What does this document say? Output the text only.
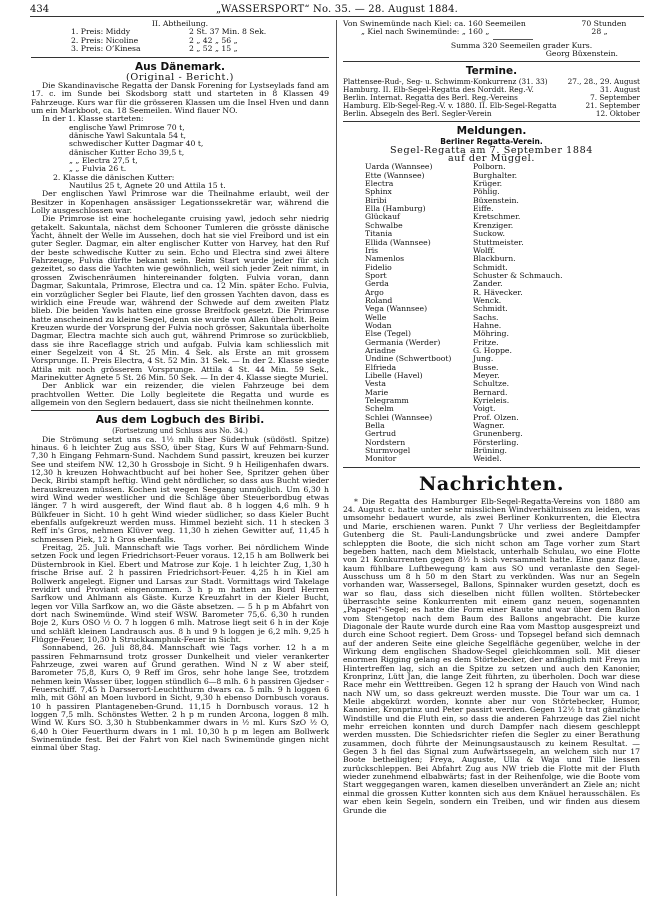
434	„WASSERSPORT“ No. 35. — 28. August 1884.
II. Abtheilung.
1. Preis: Middy	2 St. 37 Min. 8 Sek.
2. Preis: Nicoline	2 „ 42 „ 56 „
3. Preis: O’Kinesa	2 „ 52 „ 15 „
Aus Dänemark.
(Original - Bericht.)

Die Skandinavische Regatta der Dansk Forening for Lystseylads fand am 17. c. im Sunde bei Skodsborg statt und starteten in 8 Klassen 49 Fahrzeuge. Kurs war für die grösseren Klassen um die Insel Hven und dann um ein Markboot, ca. 18 Seemeilen. Wind flauer NO.

In der 1. Klasse starteten:

englische Yawl Primrose 70 t,
dänische Yawl Sakuntala 54 t,
schwedischer Kutter Dagmar 40 t,
dänischer Kutter Echo 39,5 t,
„ „ Electra 27,5 t,
„ „ Fulvia 26 t.
2. Klasse die dänischen Kutter:
Nautilus 25 t, Agnete 20 und Attila 15 t.

Der englischen Yawl Primrose war die Theilnahme erlaubt, weil der Besitzer in Kopenhagen ansässiger Legationssekretär war, während die Lolly ausgeschlossen war.

Die Primrose ist eine hochelegante cruising yawl, jedoch sehr niedrig getakelt. Sakuntala, nächst dem Schooner Tumleren die grösste dänische Yacht, ähnelt der Welle im Aussehen, doch hat sie viel Freibord und ist ein guter Segler. Dagmar, ein alter englischer Kutter von Harvey, hat den Ruf der beste schwedische Kutter zu sein. Echo und Electra sind zwei ältere Fahrzeuge, Fulvia dürfte bekannt sein. Beim Start wurde jeder für sich gezeitet, so dass die Yachten wie gewöhnlich, weil sich jeder Zeit nimmt, in grossen Zwischenräumen hintereinander folgten. Fulvia voran, dann Dagmar, Sakuntala, Primrose, Electra und ca. 12 Min. später Echo. Fulvia, ein vorzüglicher Segler bei Flaute, lief den grossen Yachten davon, dass es wirklich eine Freude war, während der Schwede auf dem zweiten Platz blieb. Die beiden Yawls hatten eine grosse Breitfock gesetzt. Die Primrose hatte anscheinend zu kleine Segel, denn sie wurde von Allen überholt. Beim Kreuzen wurde der Vorsprung der Fulvia noch grösser, Sakuntala überholte Dagmar, Electra machte sich auch gut, während Primrose so zurückblieb, dass sie ihre Raceflagge strich und aufgab. Fulvia kam schliesslich mit einer Segelzeit von 4 St. 25 Min. 4 Sek. als Erste an mit grossem Vorsprunge. II. Preis Electra, 4 St. 52 Min. 31 Sek. — In der 2. Klasse siegte Attila mit noch grösserem Vorsprunge. Attila 4 St. 44 Min. 59 Sek., Marinekutter Agnete 5 St. 26 Min. 50 Sek. — In der 4. Klasse siegte Muriel.

Der Anblick war ein reizender, die vielen Fahrzeuge bei dem prachtvollen Wetter. Die Lolly begleitete die Regatta und wurde es allgemein von den Seglern bedauert, dass sie nicht theilnehmen konnte.

Aus dem Logbuch des Biribi.
(Fortsetzung und Schluss aus No. 34.)

Die Strömung setzt uns ca. 1½ mlh über Süderhuk (südöstl. Spitze) hinaus. 6 h leichter Zug aus SSO, über Stag, Kurs W auf Fehmarn-Sund. 7,30 h Eingang Fehmarn-Sund. Nachdem Sund passirt, kreuzen bei kurzer See und steifem NW. 12,30 h Grossboje in Sicht. 9 h Heiligenhafen dwars. 12,30 h kreuzen Hohwachtbucht auf bei hoher See, Spritzer gehen über Deck, Biribi stampft heftig. Wind geht nördlicher, so dass aus Bucht wieder herauskreuzen müssen. Kochen ist wegen Seegang unmöglich. Um 6,30 h wird Wind weder westlicher und die Schläge über Steuerbordbug etwas länger. 7 h wird ausgereft, der Wind flaut ab. 8 h loggen 4,6 mlh. 9 h Bülkfeuer in Sicht. 10 h geht Wind wieder südlicher, so dass Kieler Bucht ebenfalls aufgekreuzt werden muss. Himmel bezieht sich. 11 h stecken 3 Reff in's Gros, nehmen Klüver weg. 11,30 h ziehen Gewitter auf, 11,45 h schmessen Piek, 12 h Gros ebenfalls.

Freitag, 25. Juli. Mannschaft wie Tags vorher. Bei nördlichem Winde setzen Fock und legen Friedrichsort-Feuer voraus. 12,15 h am Bollwerk bei Düsternbrook in Kiel. Ebert und Matrose zur Koje. 1 h leichter Zug, 1,30 h frische Brise auf. 2 h passiren Friedrichsort-Feuer. 4,25 h in Kiel am Bollwerk angelegt. Eigner und Larsas zur Stadt. Vormittags wird Takelage revidirt und Proviant eingenommen. 3 h p m hatten an Bord Herren Sarfkow und Ahlmann als Gäste. Kurze Kreuzfahrt in der Kieler Bucht, legen vor Villa Sarfkow an, wo die Gäste absetzen. — 5 h p m Abfahrt von dort nach Swinemünde. Wind steif WSW. Barometer 75,6. 6,30 h runden Boje 2, Kurs OSO ½ O. 7 h loggen 6 mlh. Matrose liegt seit 6 h in der Koje und schläft kleinen Landrausch aus. 8 h und 9 h loggen je 6,2 mlh. 9,25 h Flügge-Feuer, 10,30 h Struckkamphuk-Feuer in Sicht.

Sonnabend, 26. Juli 88,84. Mannschaft wie Tags vorher. 12 h a m passiren Fehmarnsund trotz grosser Dunkelheit und vieler verankerter Fahrzeuge, zwei waren auf Grund gerathen. Wind N z W aber steif, Barometer 75,8, Kurs O, 9 Reff im Gros, sehr hohe lange See, trotzdem nehmen kein Wasser über, loggen stündlich 6—8 mlh. 6 h passiren Gjedser - Feuerschiff. 7,45 h Darsserort-Leuchtthurm dwars ca. 5 mlh. 9 h loggen 6 mlh, mit Göhl an Moen luvbord in Sicht, 9,30 h ebenso Dornbusch voraus. 10 h passiren Plantageneben-Grund. 11,15 h Dornbusch voraus. 12 h loggen 7,5 mlh. Schönstes Wetter. 2 h p m runden Arcona, loggen 8 mlh. Wind W. Kurs SO. 3,30 h Stubbenkammer dwars in ½ ml. Kurs SzO ½ O, 6,40 h Oier Feuerthurm dwars in 1 ml. 10,30 h p m legen am Bollwerk Swinemünde fest. Bei der Fahrt von Kiel nach Swinemünde gingen nicht einmal über Stag.

Von Swinemünde nach Kiel: ca. 160 Seemeilen	70 Stunden
„ Kiel nach Swinemünde: „ 160 „	28 „
Summa 320 Seemeilen grader Kurs.
Georg Büxenstein.
Termine.
Plattensee-Rud-, Seg- u. Schwimm-Konkurrenz (31. 33)	27., 28., 29. August
Hamburg. II. Elb-Segel-Regatta des Norddt. Reg.-V.	31. August
Berlin. Internat. Regatta des Berl. Reg.-Vereins	7. September
Hamburg. Elb-Segel-Reg.-V. v. 1880. II. Elb-Segel-Regatta	21. September
Berlin. Absegeln des Berl. Segler-Verein	12. Oktober
Meldungen.
Berliner Regatta-Verein.
Segel-Regatta am 7. September 1884
auf der Müggel.
Uarda (Wannsee)	Polborn.
Ette (Wannsee)	Burghalter.
Electra	Krüger.
Sphinx	Pöhlig.
Biribi	Büxenstein.
Ella (Hamburg)	Eiffe.
Glückauf	Kretschmer.
Schwalbe	Krenziger.
Titania	Suckow.
Ellida (Wannsee)	Stuttmeister.
Iris	Wolff.
Namenlos	Blackburn.
Fidelio	Schmidt.
Sport	Schuster & Schmauch.
Gerda	Zander.
Argo	R. Hävecker.
Roland	Wenck.
Vega (Wannsee)	Schmidt.
Welle	Sachs.
Wodan	Hahne.
Else (Tegel)	Möhring.
Germania (Werder)	Fritze.
Ariadne	G. Hoppe.
Undine (Schwertboot)	Jung.
Elfrieda	Busse.
Libelle (Havel)	Meyer.
Vesta	Schultze.
Marie	Bernard.
Telegramm	Kyrieleis.
Schelm	Voigt.
Schlei (Wannsee)	Prof. Olzen.
Bella	Wagner.
Gertrud	Grunenberg.
Nordstern	Försterling.
Sturmvogel	Brüning.
Monitor	Weidel.
Nachrichten.

* Die Regatta des Hamburger Elb-Segel-Regatta-Vereins von 1880 am 24. August c. hatte unter sehr misslichen Windverhältnissen zu leiden, was umsomehr bedauert wurde, als zwei Berliner Konkurrenten, die Electra und Marie, erschienen waren. Punkt 7 Uhr verliess der Begleitdampfer Gutenberg die St. Pauli-Landungsbrücke und zwei andere Dampfer schleppten die Boote, die sich nicht schon am Tage vorher zum Start begeben hatten, nach dem Mielstack, unterhalb Schulau, wo eine Flotte von 21 Konkurrenten gegen 8½ h sich versammelt hatte. Eine ganz flaue, kaum fühlbare Luftbewegung kam aus SO und veranlaste den Segel-Ausschuss um 8 h 50 m den Start zu verkünden. Was nur an Segeln vorhanden war, Wassersegel, Ballons, Spinnaker wurden gesetzt, doch es war so flau, dass sich dieselben nicht füllen wollten. Störtebecker überraschte seine Konkurrenten mit einem ganz neuen, sogenannten „Papagei“-Segel; es hatte die Form einer Raute und war über dem Ballon vom Stengetop nach dem Baum des Ballons angebracht. Die kurze Diagonale der Raute wurde durch eine Raa vom Masttop ausgespreizt und durch eine Schoot regiert. Dem Gross- und Topsegel befand sich demnach auf der anderen Seite eine gleiche Segelfläche gegenüber, welche in der Wirkung dem englischen Shadow-Segel gleichkommen soll. Mit dieser enormen Rigging gelang es dem Störtebecker, der anfänglich mit Freya im Hintertreffen lag, sich an die Spitze zu setzen und auch den Kanonier, Kronprinz, Lütt Jan, die lange Zeit führten, zu überholen. Doch war diese Race mehr ein Wetttreiben. Gegen 12 h sprang der Hauch von Wind nach nach NW um, so dass gekreuzt werden musste. Die Tour war um ca. 1 Meile abgekürzt worden, konnte aber nur von Störtebecker, Humor, Kanonier, Kronprinz und Peter passirt werden. Gegen 12½ h trat gänzliche Windstille und die Fluth ein, so dass die anderen Fahrzeuge das Ziel nicht mehr erreichen konnten und durch Dampfer nach diesem geschleppt werden mussten. Die Schiedsrichter riefen die Segler zu einer Berathung zusammen, doch führte der Meinungsaustausch zu keinem Resultat. — Gegen 3 h fiel das Signal zum Aufwärtssegeln, an welchem sich nur 17 Boote betheiligten; Freya, Auguste, Ulla & Waja und Tille liessen zurückschleppen. Bei Abfahrt Zug aus NW trieb die Flotte mit der Fluth wieder zunehmend elbabwärts; fast in der Reihenfolge, wie die Boote vom Start weggegangen waren, kamen dieselben unverändert an Ziele an; nicht einmal die grossen Kutter konnten sich aus dem Knäuel herausschälen. Es war eben kein Segeln, sondern ein Treiben, und wir finden aus diesem Grunde die
